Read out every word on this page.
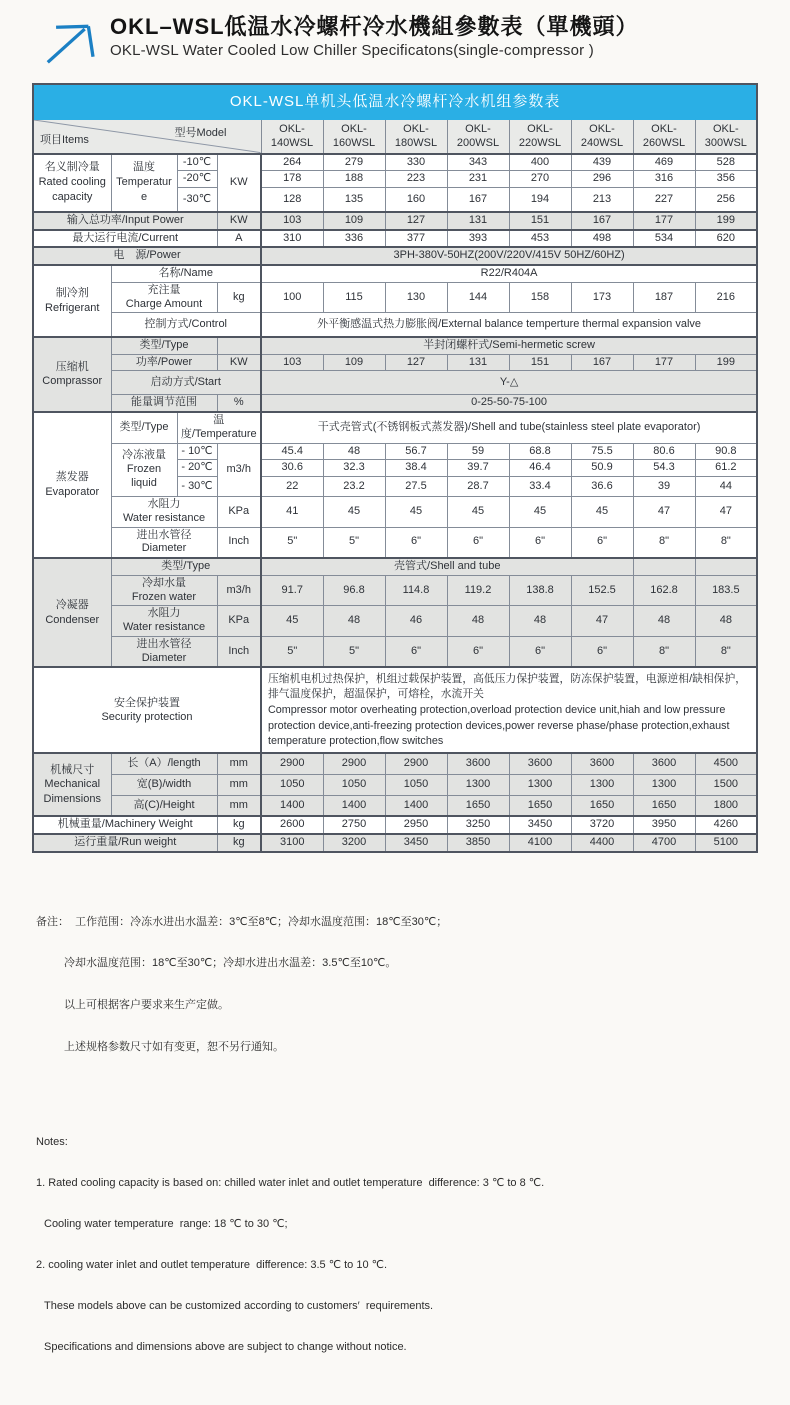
OKL–WSL低温水冷螺杆冷水機組參數表（單機頭）
OKL-WSL Water Cooled Low Chiller Specificatons(single-compressor )
OKL-WSL单机头低温水冷螺杆冷水机组参数表											

项目Items
型号Model				OKL-140WSL	OKL-160WSL	OKL-180WSL	OKL-200WSL	OKL-220WSL	OKL-240WSL	OKL-260WSL	OKL-300WSL

名义制冷量
Rated cooling capacity

温度
Temperature
	-10℃	KW	264	279	330	343	400	439	469	528
		-20℃		178	188	223	231	270	296	316	356
		-30℃		128	135	160	167	194	213	227	256
输入总功率/Input Power			KW	103	109	127	131	151	167	177	199
最大运行电流/Current			A	310	336	377	393	453	498	534	620
电　源/Power				3PH-380V-50HZ(200V/220V/415V 50HZ/60HZ)							

制冷剂
Refrigerant	名称/Name			R22/R404A							

	充注量
Charge Amount		kg	100	115	130	144	158	173	187	216
	控制方式/Control			外平衡感温式热力膨胀阀/External balance temperture thermal expansion valve							

压缩机
Comprassor	类型/Type			半封闭螺杆式/Semi-hermetic screw							
	功率/Power		KW	103	109	127	131	151	167	177	199
	启动方式/Start			Y-△							
	能量调节范围		%	0-25-50-75-100							

蒸发器
Evaporator	类型/Type	温度/Temperature		干式壳管式(不锈钢板式蒸发器)/Shell and tube(stainless steel plate evaporator)							

	冷冻液量
Frozen liquid	- 10℃	m3/h	45.4	48	56.7	59	68.8	75.5	80.6	90.8
		- 20℃		30.6	32.3	38.4	39.7	46.4	50.9	54.3	61.2
		- 30℃		22	23.2	27.5	28.7	33.4	36.6	39	44

	水阻力
Water resistance		KPa	41	45	45	45	45	45	47	47

	进出水管径
Diameter		Inch	5"	5"	6"	6"	6"	6"	8"	8"

冷凝器
Condenser	类型/Type			壳管式/Shell and tube							

	冷却水量
Frozen water		m3/h	91.7	96.8	114.8	119.2	138.8	152.5	162.8	183.5

	水阻力
Water resistance		KPa	45	48	46	48	48	47	48	48

	进出水管径
Diameter		Inch	5"	5"	6"	6"	6"	6"	8"	8"

安全保护装置
Security protection

压缩机电机过热保护，机组过载保护装置，高低压力保护装置，防冻保护装置，电源逆相/缺相保护，排气温度保护，超温保护，可熔栓，水流开关
Compressor motor overheating protection,overload protection device unit,hiah and low pressure protection device,anti-freezing protection devices,power reverse phase/phase protection,exhaust temperature protection,flow switches

机械尺寸
Mechanical Dimensions	长（A）/length		mm	2900	2900	2900	3600	3600	3600	3600	4500
	宽(B)/width		mm	1050	1050	1050	1300	1300	1300	1300	1500
	高(C)/Height		mm	1400	1400	1400	1650	1650	1650	1650	1800
机械重量/Machinery Weight			kg	2600	2750	2950	3250	3450	3720	3950	4260
运行重量/Run weight			kg	3100	3200	3450	3850	4100	4400	4700	5100

备注：  工作范围：冷冻水进出水温差：3℃至8℃；冷却水温度范围：18℃至30℃；

冷却水温度范围：18℃至30℃；冷却水进出水温差：3.5℃至10℃。

以上可根据客户要求来生产定做。

上述规格参数尺寸如有变更，恕不另行通知。

Notes:

1. Rated cooling capacity is based on: chilled water inlet and outlet temperature  difference: 3 ℃ to 8 ℃.

Cooling water temperature  range: 18 ℃ to 30 ℃;

2. cooling water inlet and outlet temperature  difference: 3.5 ℃ to 10 ℃.

These models above can be customized according to customers′  requirements.

Specifications and dimensions above are subject to change without notice.
